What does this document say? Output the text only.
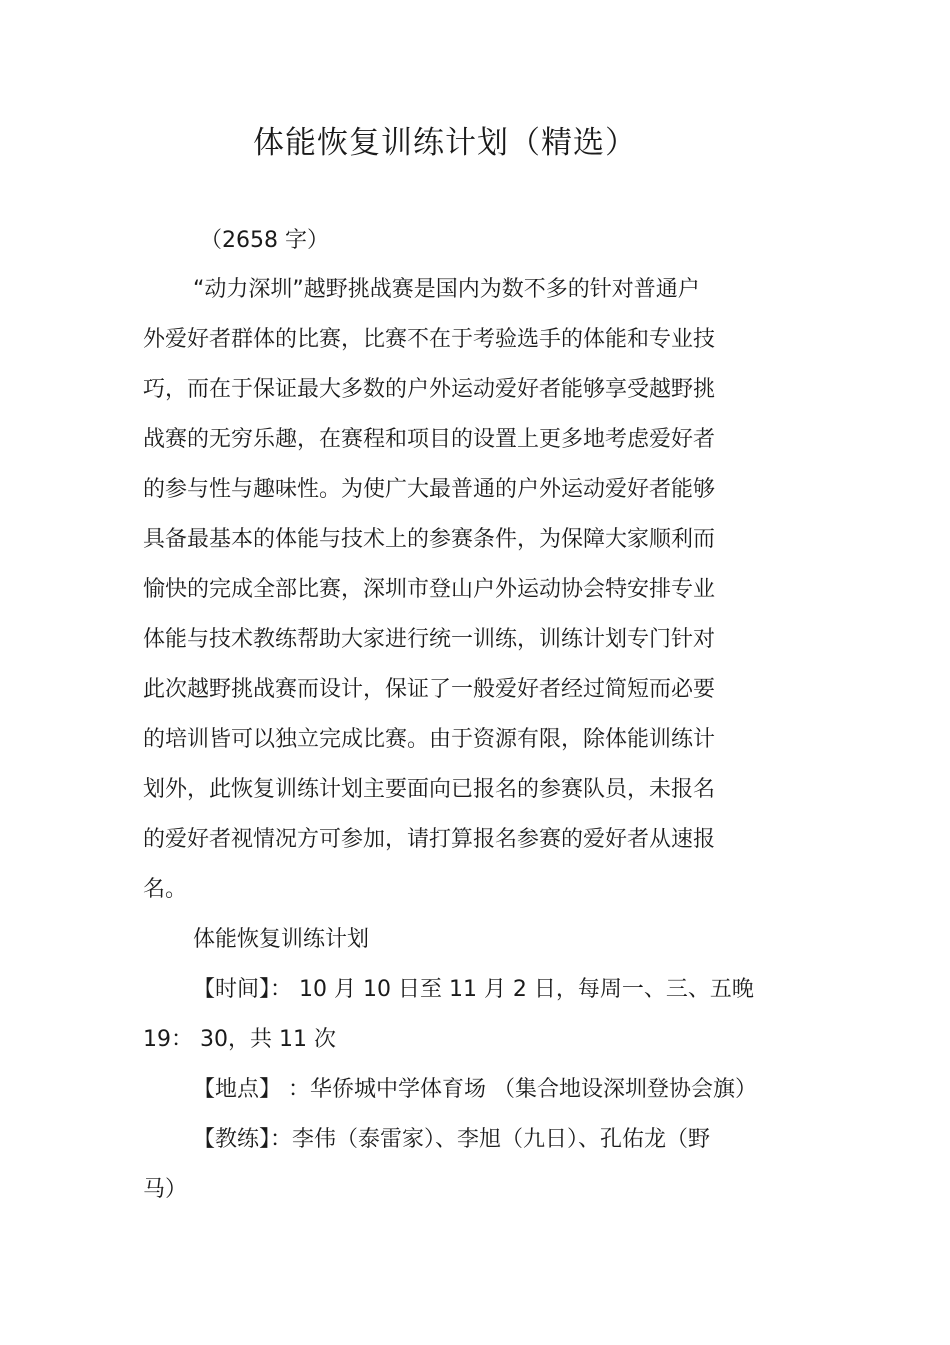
体能恢复训练计划（精选）

（2658 字）

“动力深圳”越野挑战赛是国内为数不多的针对普通户

外爱好者群体的比赛，比赛不在于考验选手的体能和专业技

巧，而在于保证最大多数的户外运动爱好者能够享受越野挑

战赛的无穷乐趣，在赛程和项目的设置上更多地考虑爱好者

的参与性与趣味性。为使广大最普通的户外运动爱好者能够

具备最基本的体能与技术上的参赛条件，为保障大家顺利而

愉快的完成全部比赛，深圳市登山户外运动协会特安排专业

体能与技术教练帮助大家进行统一训练，训练计划专门针对

此次越野挑战赛而设计，保证了一般爱好者经过简短而必要

的培训皆可以独立完成比赛。由于资源有限，除体能训练计

划外，此恢复训练计划主要面向已报名的参赛队员，未报名

的爱好者视情况方可参加，请打算报名参赛的爱好者从速报

名。

体能恢复训练计划

【时间】： 10 月 10 日至 11 月 2 日，每周一、三、五晚

19： 30，共 11 次

【地点】 ：华侨城中学体育场 （集合地设深圳登协会旗）

【教练】：李伟（泰雷家）、李旭（九日）、孔佑龙（野

马）
